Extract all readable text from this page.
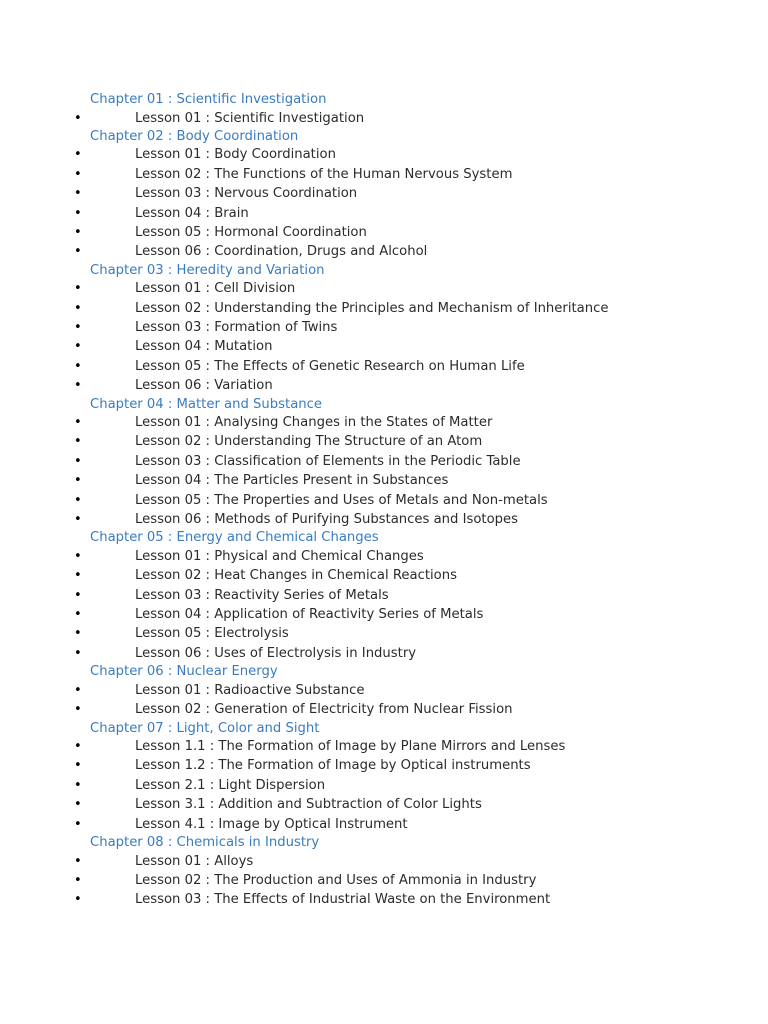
Chapter 01 : Scientific Investigation
•	Lesson 01 : Scientific Investigation
Chapter 02 : Body Coordination
•	Lesson 01 : Body Coordination
•	Lesson 02 : The Functions of the Human Nervous System
•	Lesson 03 : Nervous Coordination
•	Lesson 04 : Brain
•	Lesson 05 : Hormonal Coordination
•	Lesson 06 : Coordination, Drugs and Alcohol
Chapter 03 : Heredity and Variation
•	Lesson 01 : Cell Division
•	Lesson 02 : Understanding the Principles and Mechanism of Inheritance
•	Lesson 03 : Formation of Twins
•	Lesson 04 : Mutation
•	Lesson 05 : The Effects of Genetic Research on Human Life
•	Lesson 06 : Variation
Chapter 04 : Matter and Substance
•	Lesson 01 : Analysing Changes in the States of Matter
•	Lesson 02 : Understanding The Structure of an Atom
•	Lesson 03 : Classification of Elements in the Periodic Table
•	Lesson 04 : The Particles Present in Substances
•	Lesson 05 : The Properties and Uses of Metals and Non-metals
•	Lesson 06 : Methods of Purifying Substances and Isotopes
Chapter 05 : Energy and Chemical Changes
•	Lesson 01 : Physical and Chemical Changes
•	Lesson 02 : Heat Changes in Chemical Reactions
•	Lesson 03 : Reactivity Series of Metals
•	Lesson 04 : Application of Reactivity Series of Metals
•	Lesson 05 : Electrolysis
•	Lesson 06 : Uses of Electrolysis in Industry
Chapter 06 : Nuclear Energy
•	Lesson 01 : Radioactive Substance
•	Lesson 02 : Generation of Electricity from Nuclear Fission
Chapter 07 : Light, Color and Sight
•	Lesson 1.1 : The Formation of Image by Plane Mirrors and Lenses
•	Lesson 1.2 : The Formation of Image by Optical instruments
•	Lesson 2.1 : Light Dispersion
•	Lesson 3.1 : Addition and Subtraction of Color Lights
•	Lesson 4.1 : Image by Optical Instrument
Chapter 08 : Chemicals in Industry
•	Lesson 01 : Alloys
•	Lesson 02 : The Production and Uses of Ammonia in Industry
•	Lesson 03 : The Effects of Industrial Waste on the Environment
